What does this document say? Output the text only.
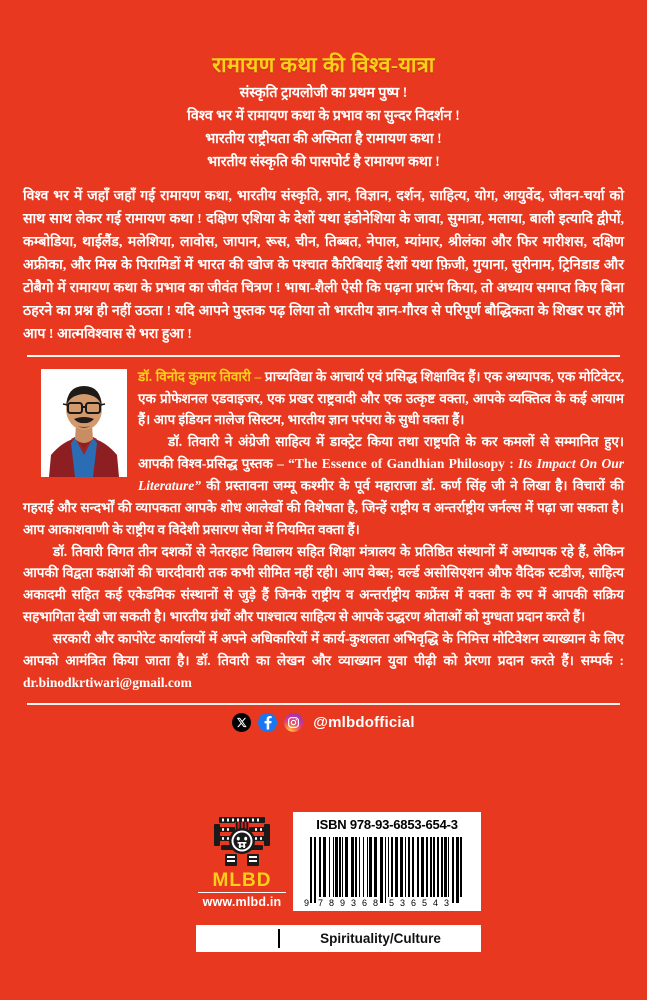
रामायण कथा की विश्व-यात्रा
संस्कृति ट्रायलोजी का प्रथम पुष्प !
विश्व भर में रामायण कथा के प्रभाव का सुन्दर निदर्शन !
भारतीय राष्ट्रीयता की अस्मिता है रामायण कथा !
भारतीय संस्कृति की पासपोर्ट है रामायण कथा !
विश्व भर में जहाँ जहाँ गई रामायण कथा, भारतीय संस्कृति, ज्ञान, विज्ञान, दर्शन, साहित्य, योग, आयुर्वेद, जीवन-चर्या को साथ साथ लेकर गई रामायण कथा ! दक्षिण एशिया के देशों यथा इंडोनेशिया के जावा, सुमात्रा, मलाया, बाली इत्यादि द्वीपों, कम्बोडिया, थाईलैंड, मलेशिया, लावोस, जापान, रूस, चीन, तिब्बत, नेपाल, म्यांमार, श्रीलंका और फिर मारीशस, दक्षिण अफ्रीका, और मिस्र के पिरामिडों में भारत की खोज के पश्चात कैरिबियाई देशों यथा फ़िजी, गुयाना, सुरीनाम, ट्रिनिडाड और टोबैगो में रामायण कथा के प्रभाव का जीवंत चित्रण ! भाषा-शैली ऐसी कि पढ़ना प्रारंभ किया, तो अध्याय समाप्त किए बिना ठहरने का प्रश्न ही नहीं उठता ! यदि आपने पुस्तक पढ़ लिया तो भारतीय ज्ञान-गौरव से परिपूर्ण बौद्धिकता के शिखर पर होंगे आप ! आत्मविश्वास से भरा हुआ !

डॉ. विनोद कुमार तिवारी – प्राच्यविद्या के आचार्य एवं प्रसिद्ध शिक्षाविद हैं। एक अध्यापक, एक मोटिवेटर, एक प्रोफेशनल एडवाइजर, एक प्रखर राष्ट्रवादी और एक उत्कृष्ट वक्ता, आपके व्यक्तित्व के कई आयाम हैं। आप इंडियन नालेज सिस्टम, भारतीय ज्ञान परंपरा के सुधी वक्ता हैं।

डॉ. तिवारी ने अंग्रेजी साहित्य में डाक्ट्रेट किया तथा राष्ट्रपति के कर कमलों से सम्मानित हुए। आपकी विश्व-प्रसिद्ध पुस्तक – “The Essence of Gandhian Philosopy : Its Impact On Our Literature” की प्रस्तावना जम्मू कश्मीर के पूर्व महाराजा डॉ. कर्ण सिंह जी ने लिखा है। विचारों की गहराई और सन्दर्भों की व्यापकता आपके शोध आलेखों की विशेषता है, जिन्हें राष्ट्रीय व अन्तर्राष्ट्रीय जर्नल्स में पढ़ा जा सकता है। आप आकाशवाणी के राष्ट्रीय व विदेशी प्रसारण सेवा में नियमित वक्ता हैं।

डॉ. तिवारी विगत तीन दशकों से नेतरहाट विद्यालय सहित शिक्षा मंत्रालय के प्रतिष्ठित संस्थानों में अध्यापक रहे हैं, लेकिन आपकी विद्वता कक्षाओं की चारदीवारी तक कभी सीमित नहीं रही। आप वेब्स; वर्ल्ड असोसिएशन औफ वैदिक स्टडीज, साहित्य अकादमी सहित कई एकेडमिक संस्थानों से जुड़े हैं जिनके राष्ट्रीय व अन्तर्राष्ट्रीय काफ्रेंस में वक्ता के रुप में आपकी सक्रिय सहभागिता देखी जा सकती है। भारतीय ग्रंथों और पाश्चात्य साहित्य से आपके उद्धरण श्रोताओं को मुग्धता प्रदान करते हैं।

सरकारी और कापोरेट कार्यालयों में अपने अधिकारियों में कार्य-कुशलता अभिवृद्धि के निमित्त मोटिवेशन व्याख्यान के लिए आपको आमंत्रित किया जाता है। डॉ. तिवारी का लेखन और व्याख्यान युवा पीढ़ी को प्रेरणा प्रदान करते हैं। सम्पर्क : dr.binodkrtiwari@gmail.com

@mlbdofficial
MLBD
www.mlbd.in
ISBN 978-93-6853-654-3
9 7 8 9 3 6 8 5 3 6 5 4 3
Spirituality/Culture
